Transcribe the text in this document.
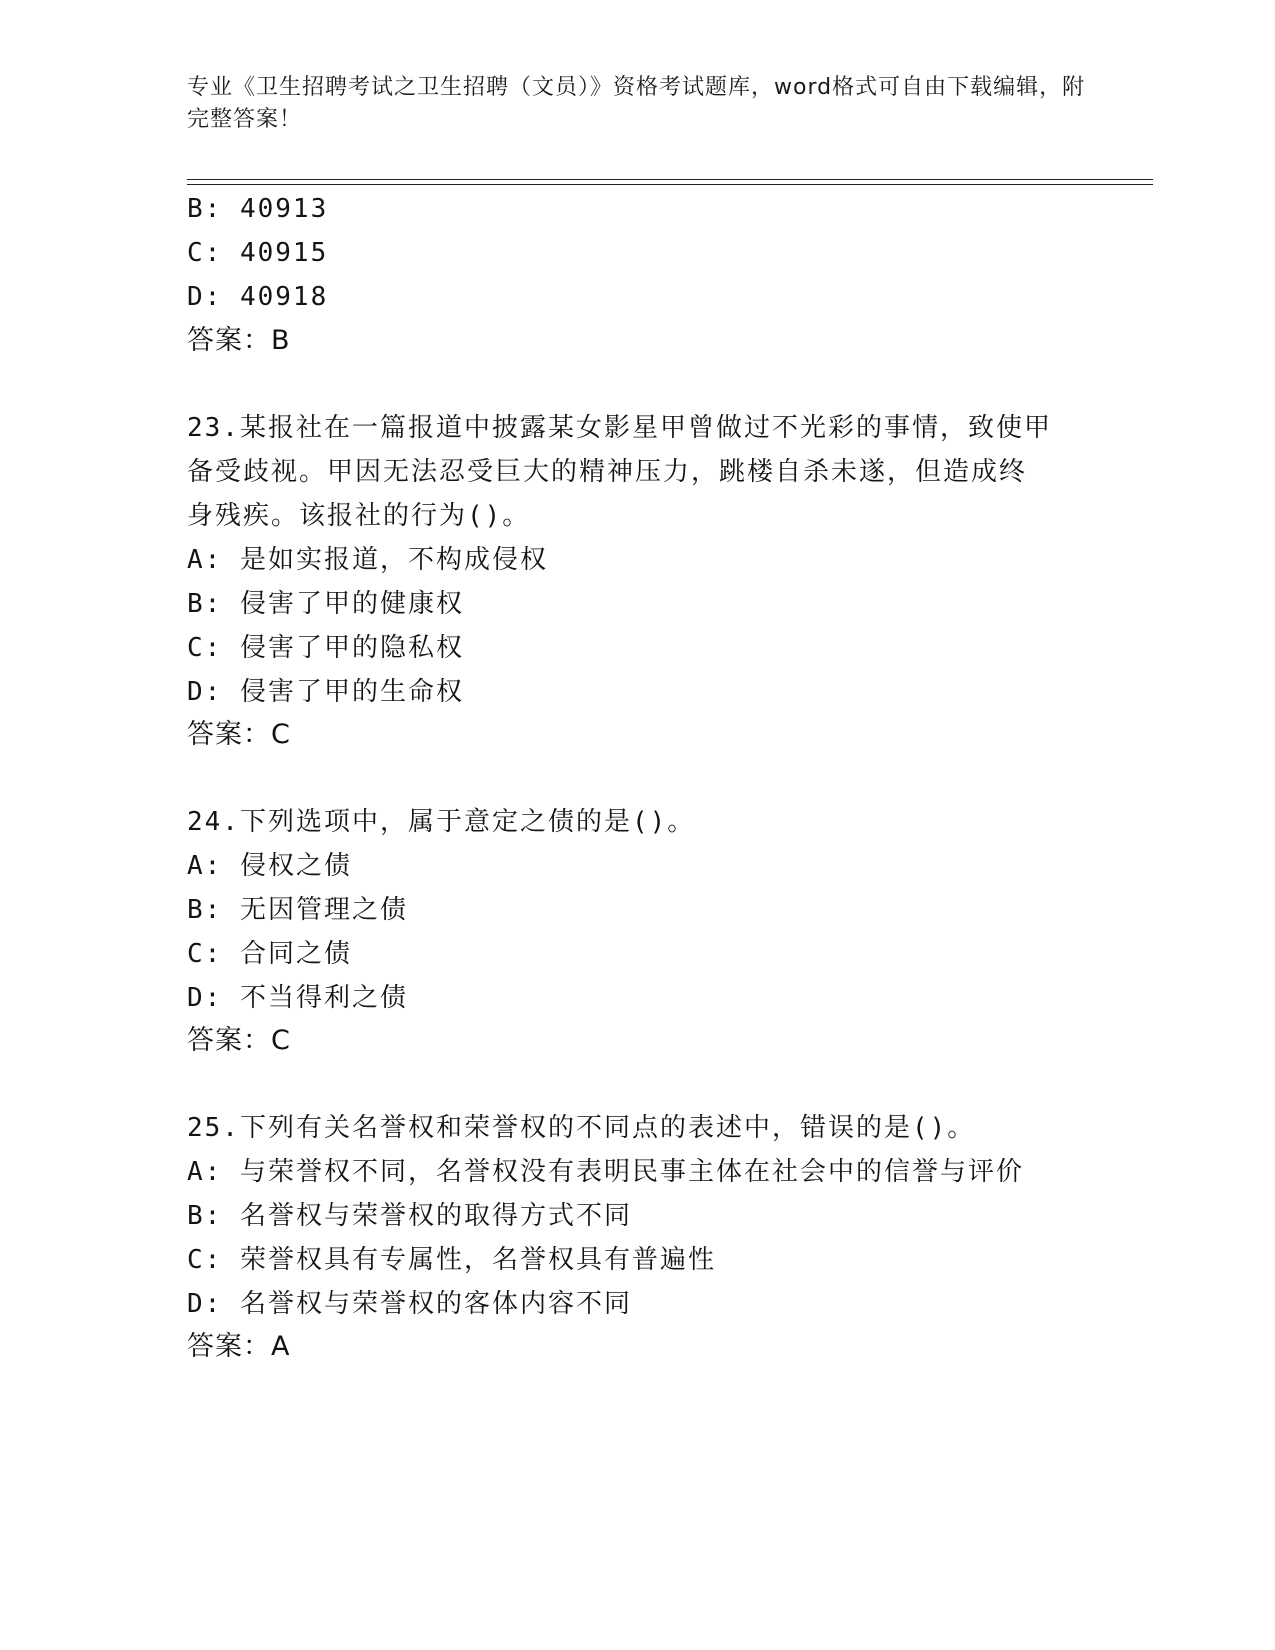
专业《卫生招聘考试之卫生招聘（文员）》资格考试题库，word格式可自由下载编辑，附完整答案！
B: 40913
C: 40915
D: 40918
答案：B
23.某报社在一篇报道中披露某女影星甲曾做过不光彩的事情，致使甲
备受歧视。甲因无法忍受巨大的精神压力，跳楼自杀未遂，但造成终
身残疾。该报社的行为()。
A: 是如实报道，不构成侵权
B: 侵害了甲的健康权
C: 侵害了甲的隐私权
D: 侵害了甲的生命权
答案：C
24.下列选项中，属于意定之债的是()。
A: 侵权之债
B: 无因管理之债
C: 合同之债
D: 不当得利之债
答案：C
25.下列有关名誉权和荣誉权的不同点的表述中，错误的是()。
A: 与荣誉权不同，名誉权没有表明民事主体在社会中的信誉与评价
B: 名誉权与荣誉权的取得方式不同
C: 荣誉权具有专属性，名誉权具有普遍性
D: 名誉权与荣誉权的客体内容不同
答案：A
